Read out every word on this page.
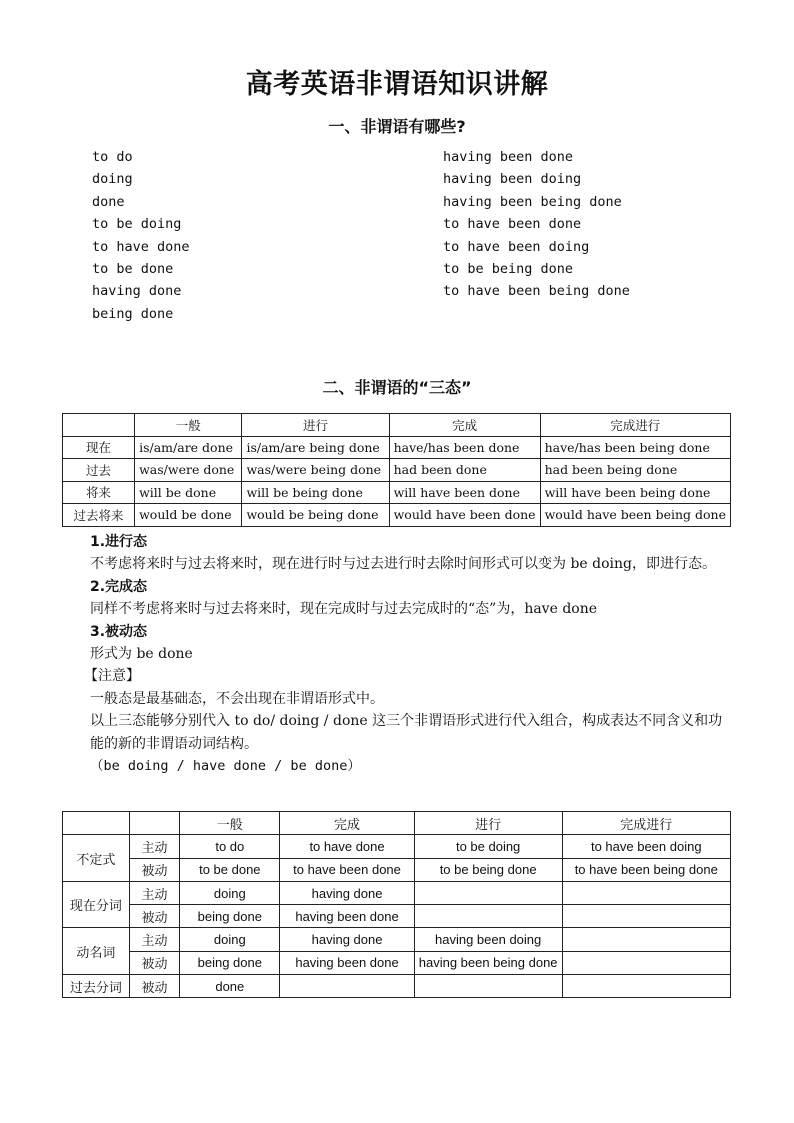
高考英语非谓语知识讲解
一、非谓语有哪些?
to do
doing
done
to be doing
to have done
to be done
having done
being done
having been done
having been doing
having been being done
to have been done
to have been doing
to be being done
to have been being done
二、非谓语的“三态”
	一般	进行	完成	完成进行
现在	is/am/are done	is/am/are being done	have/has been done	have/has been being done
过去	was/were done	was/were being done	had been done	had been being done
将来	will be done	will be being done	will have been done	will have been being done
过去将来	would be done	would be being done	would have been done	would have been being done
1.进行态
不考虑将来时与过去将来时，现在进行时与过去进行时去除时间形式可以变为 be doing，即进行态。
2.完成态
同样不考虑将来时与过去将来时，现在完成时与过去完成时的“态”为，have done
3.被动态
形式为 be done
【注意】
一般态是最基础态，不会出现在非谓语形式中。
以上三态能够分别代入 to do/ doing / done 这三个非谓语形式进行代入组合，构成表达不同含义和功能的新的非谓语动词结构。
（be doing / have done / be done）
		一般	完成	进行	完成进行
不定式	主动	to do	to have done	to be doing	to have been doing
	被动	to be done	to have been done	to be being done	to have been being done
现在分词	主动	doing	having done		
	被动	being done	having been done		
动名词	主动	doing	having done	having been doing	
	被动	being done	having been done	having been being done	
过去分词	被动	done			
